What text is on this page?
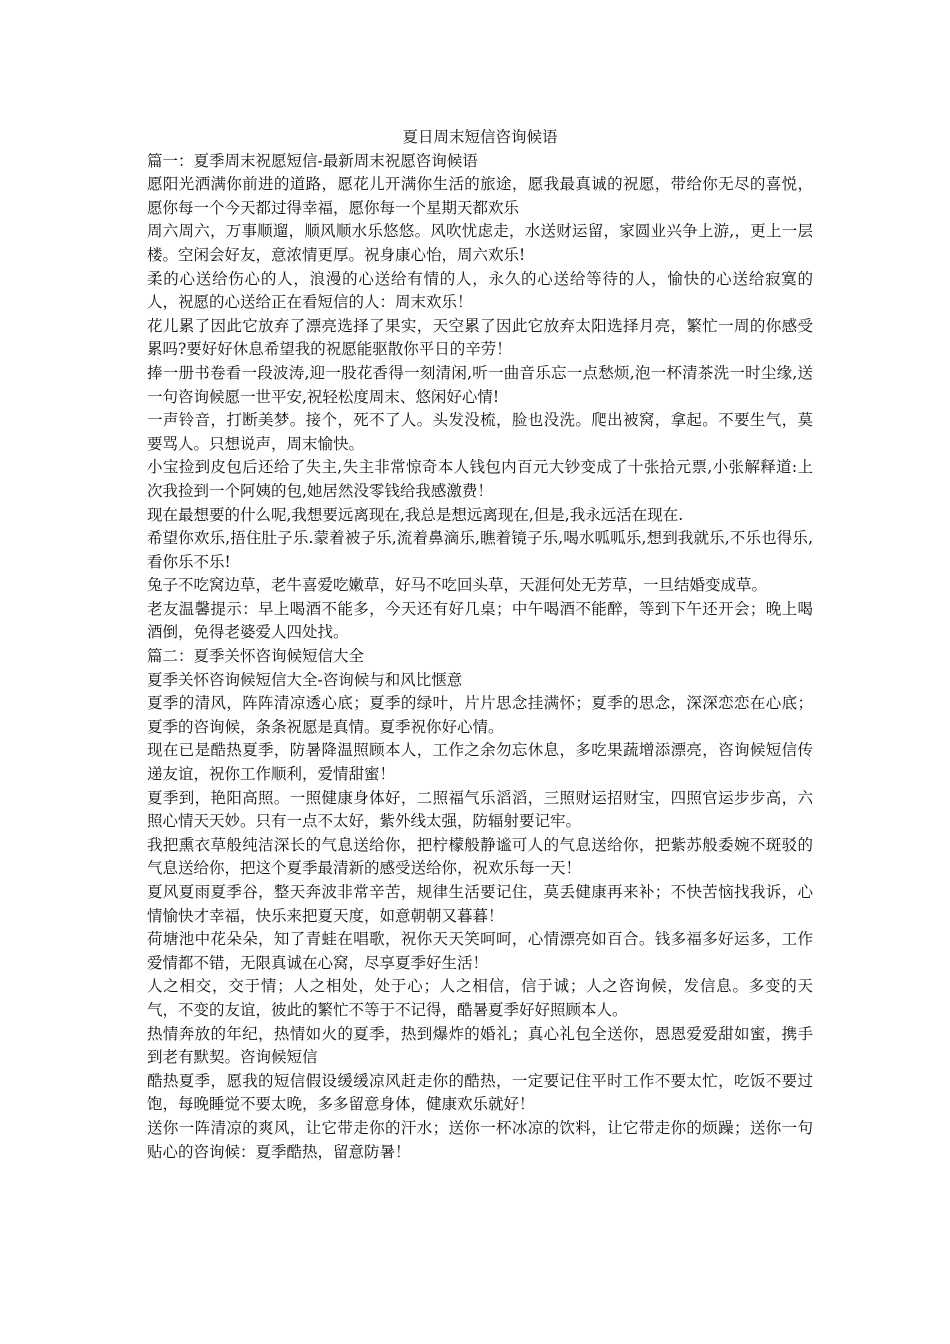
夏日周末短信咨询候语
篇一：夏季周末祝愿短信-最新周末祝愿咨询候语
愿阳光洒满你前进的道路，愿花儿开满你生活的旅途，愿我最真诚的祝愿，带给你无尽的喜悦，愿你每一个今天都过得幸福，愿你每一个星期天都欢乐
周六周六，万事顺遛，顺风顺水乐悠悠。风吹忧虑走，水送财运留，家圆业兴争上游,，更上一层楼。空闲会好友，意浓情更厚。祝身康心怡，周六欢乐!
柔的心送给伤心的人，浪漫的心送给有情的人，永久的心送给等待的人，愉快的心送给寂寞的人，祝愿的心送给正在看短信的人：周末欢乐！
花儿累了因此它放弃了漂亮选择了果实，天空累了因此它放弃太阳选择月亮，繁忙一周的你感受累吗?要好好休息希望我的祝愿能驱散你平日的辛劳！
捧一册书卷看一段波涛,迎一股花香得一刻清闲,听一曲音乐忘一点愁烦,泡一杯清茶洗一时尘缘,送一句咨询候愿一世平安,祝轻松度周末、悠闲好心情!
一声铃音，打断美梦。接个，死不了人。头发没梳，脸也没洗。爬出被窝，拿起。不要生气，莫要骂人。只想说声，周末愉快。
小宝捡到皮包后还给了失主,失主非常惊奇本人钱包内百元大钞变成了十张拾元票,小张解释道:上次我捡到一个阿姨的包,她居然没零钱给我感激费！
现在最想要的什么呢,我想要远离现在,我总是想远离现在,但是,我永远活在现在.
希望你欢乐,捂住肚子乐.蒙着被子乐,流着鼻滴乐,瞧着镜子乐,喝水呱呱乐,想到我就乐,不乐也得乐,看你乐不乐!
兔子不吃窝边草，老牛喜爱吃嫩草，好马不吃回头草，天涯何处无芳草，一旦结婚变成草。
老友温馨提示：早上喝酒不能多，今天还有好几桌；中午喝酒不能醉，等到下午还开会；晚上喝酒倒，免得老婆爱人四处找。
篇二：夏季关怀咨询候短信大全
夏季关怀咨询候短信大全-咨询候与和风比惬意
夏季的清风，阵阵清凉透心底；夏季的绿叶，片片思念挂满怀；夏季的思念，深深恋恋在心底；夏季的咨询候，条条祝愿是真情。夏季祝你好心情。
现在已是酷热夏季，防暑降温照顾本人，工作之余勿忘休息，多吃果蔬增添漂亮，咨询候短信传递友谊，祝你工作顺利，爱情甜蜜！
夏季到，艳阳高照。一照健康身体好，二照福气乐滔滔，三照财运招财宝，四照官运步步高，六照心情天天妙。只有一点不太好，紫外线太强，防辐射要记牢。
我把熏衣草般纯洁深长的气息送给你，把柠檬般静谧可人的气息送给你，把紫苏般委婉不斑驳的气息送给你，把这个夏季最清新的感受送给你，祝欢乐每一天！
夏风夏雨夏季谷，整天奔波非常辛苦，规律生活要记住，莫丢健康再来补；不快苦恼找我诉，心情愉快才幸福，快乐来把夏天度，如意朝朝又暮暮！
荷塘池中花朵朵，知了青蛙在唱歌，祝你天天笑呵呵，心情漂亮如百合。钱多福多好运多，工作爱情都不错，无限真诚在心窝，尽享夏季好生活！
人之相交，交于情；人之相处，处于心；人之相信，信于诚；人之咨询候，发信息。多变的天气，不变的友谊，彼此的繁忙不等于不记得，酷暑夏季好好照顾本人。
热情奔放的年纪，热情如火的夏季，热到爆炸的婚礼；真心礼包全送你，恩恩爱爱甜如蜜，携手到老有默契。咨询候短信
酷热夏季，愿我的短信假设缓缓凉风赶走你的酷热，一定要记住平时工作不要太忙，吃饭不要过饱，每晚睡觉不要太晚，多多留意身体，健康欢乐就好！
送你一阵清凉的爽风，让它带走你的汗水；送你一杯冰凉的饮料，让它带走你的烦躁；送你一句贴心的咨询候：夏季酷热，留意防暑！
